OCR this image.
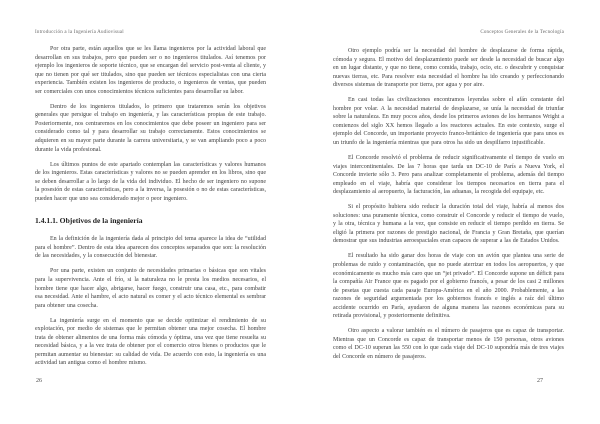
Introducción a la Ingeniería Audiovisual

Por otra parte, están aquellos que se les llama ingenieros por la actividad laboral que desarrollan en sus trabajos, pero que pueden ser o no ingenieros titulados. Así tenemos por ejemplo los ingenieros de soporte técnico, que se encargan del servicio post-venta al cliente, y que no tienen por qué ser titulados, sino que pueden ser técnicos especialistas con una cierta experiencia. También existen los ingenieros de producto, o ingenieros de ventas, que pueden ser comerciales con unos conocimientos técnicos suficientes para desarrollar su labor.

Dentro de los ingenieros titulados, lo primero que trataremos serán los objetivos generales que persigue el trabajo en ingeniería, y las características propias de este trabajo. Posteriormente, nos centraremos en los conocimientos que debe poseer un ingeniero para ser considerado como tal y para desarrollar su trabajo correctamente. Estos conocimientos se adquieren en su mayor parte durante la carrera universitaria, y se van ampliando poco a poco durante la vida profesional.

Los últimos puntos de este apartado contemplan las características y valores humanos de los ingenieros. Estas características y valores no se pueden aprender en los libros, sino que se deben desarrollar a lo largo de la vida del individuo. El hecho de ser ingeniero no supone la posesión de estas características, pero a la inversa, la posesión o no de estas características, pueden hacer que uno sea considerado mejor o peor ingeniero.

1.4.1.1. Objetivos de la ingeniería

En la definición de la ingeniería dada al principio del tema aparece la idea de “utilidad para el hombre”. Dentro de esta idea aparecen dos conceptos separados que son: la resolución de las necesidades, y la consecución del bienestar.

Por una parte, existen un conjunto de necesidades primarias o básicas que son vitales para la supervivencia. Ante el frío, si la naturaleza no le presta los medios necesarios, el hombre tiene que hacer algo, abrigarse, hacer fuego, construir una casa, etc., para combatir esa necesidad. Ante el hambre, el acto natural es comer y el acto técnico elemental es sembrar para obtener una cosecha.

La ingeniería surge en el momento que se decide optimizar el rendimiento de su explotación, por medio de sistemas que le permitan obtener una mejor cosecha. El hombre trata de obtener alimentos de una forma más cómoda y óptima, una vez que tiene resuelta su necesidad básica, y a la vez trata de obtener por el comercio otros bienes o productos que le permitan aumentar su bienestar: su calidad de vida. De acuerdo con esto, la ingeniería es una actividad tan antigua como el hombre mismo.

Conceptos Generales de la Tecnología

Otro ejemplo podría ser la necesidad del hombre de desplazarse de forma rápida, cómoda y segura. El motivo del desplazamiento puede ser desde la necesidad de buscar algo en un lugar distante, y que no tiene, como comida, trabajo, ocio, etc. o descubrir y conquistar nuevas tierras, etc. Para resolver esta necesidad el hombre ha ido creando y perfeccionando diversos sistemas de transporte por tierra, por agua y por aire.

En casi todas las civilizaciones encontramos leyendas sobre el afán constante del hombre por volar. A la necesidad material de desplazarse, se unía la necesidad de triunfar sobre la naturaleza. En muy pocos años, desde los primeros aviones de los hermanos Wright a comienzos del siglo XX hemos llegado a los reactores actuales. En este contexto, surge el ejemplo del Concorde, un importante proyecto franco-británico de ingeniería que para unos es un triunfo de la ingeniería mientras que para otros ha sido un despilfarro injustificable.

El Concorde resolvió el problema de reducir significativamente el tiempo de vuelo en viajes intercontinentales. De las 7 horas que tarda un DC-10 de París a Nueva York, el Concorde invierte sólo 3. Pero para analizar completamente el problema, además del tiempo empleado en el viaje, habría que considerar los tiempos necesarios en tierra para el desplazamiento al aeropuerto, la facturación, las aduanas, la recogida del equipaje, etc.

Si el propósito hubiera sido reducir la duración total del viaje, habría al menos dos soluciones: una puramente técnica, como construir el Concorde y reducir el tiempo de vuelo, y la otra, técnica y humana a la vez, que consiste en reducir el tiempo perdido en tierra. Se eligió la primera por razones de prestigio nacional, de Francia y Gran Bretaña, que querían demostrar que sus industrias aeroespaciales eran capaces de superar a las de Estados Unidos.

El resultado ha sido ganar dos horas de viaje con un avión que plantea una serie de problemas de ruido y contaminación, que no puede aterrizar en todos los aeropuertos, y que económicamente es mucho más caro que un “jet privado”. El Concorde supone un déficit para la compañía Air France que es pagado por el gobierno francés, a pesar de los casi 2 millones de pesetas que cuesta cada pasaje Europa-América en el año 2000. Probablemente, a las razones de seguridad argumentada por los gobiernos francés e inglés a raíz del último accidente ocurrido en París, ayudaron de alguna manera las razones económicas para su retirada provisional, y posteriormente definitiva.

Otro aspecto a valorar también es el número de pasajeros que es capaz de transportar. Mientras que un Concorde es capaz de transportar menos de 150 personas, otros aviones como el DC-10 superan las 550 con lo que cada viaje del DC-10 supondría más de tres viajes del Concorde en número de pasajeros.

26	27
